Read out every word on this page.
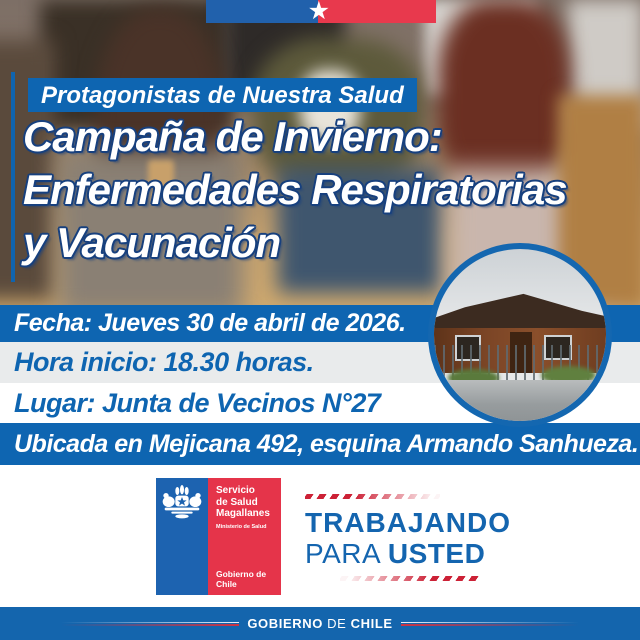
★
Protagonistas de Nuestra Salud
Campaña de Invierno:
Enfermedades Respiratorias
y Vacunación
Fecha: Jueves 30 de abril de 2026.
Hora inicio: 18.30 horas.
Lugar: Junta de Vecinos N°27
Ubicada en Mejicana 492, esquina Armando Sanhueza.
Servicio
de Salud
Magallanes
Ministerio de Salud
Gobierno de Chile
TRABAJANDO
PARA USTED
GOBIERNO DE CHILE
